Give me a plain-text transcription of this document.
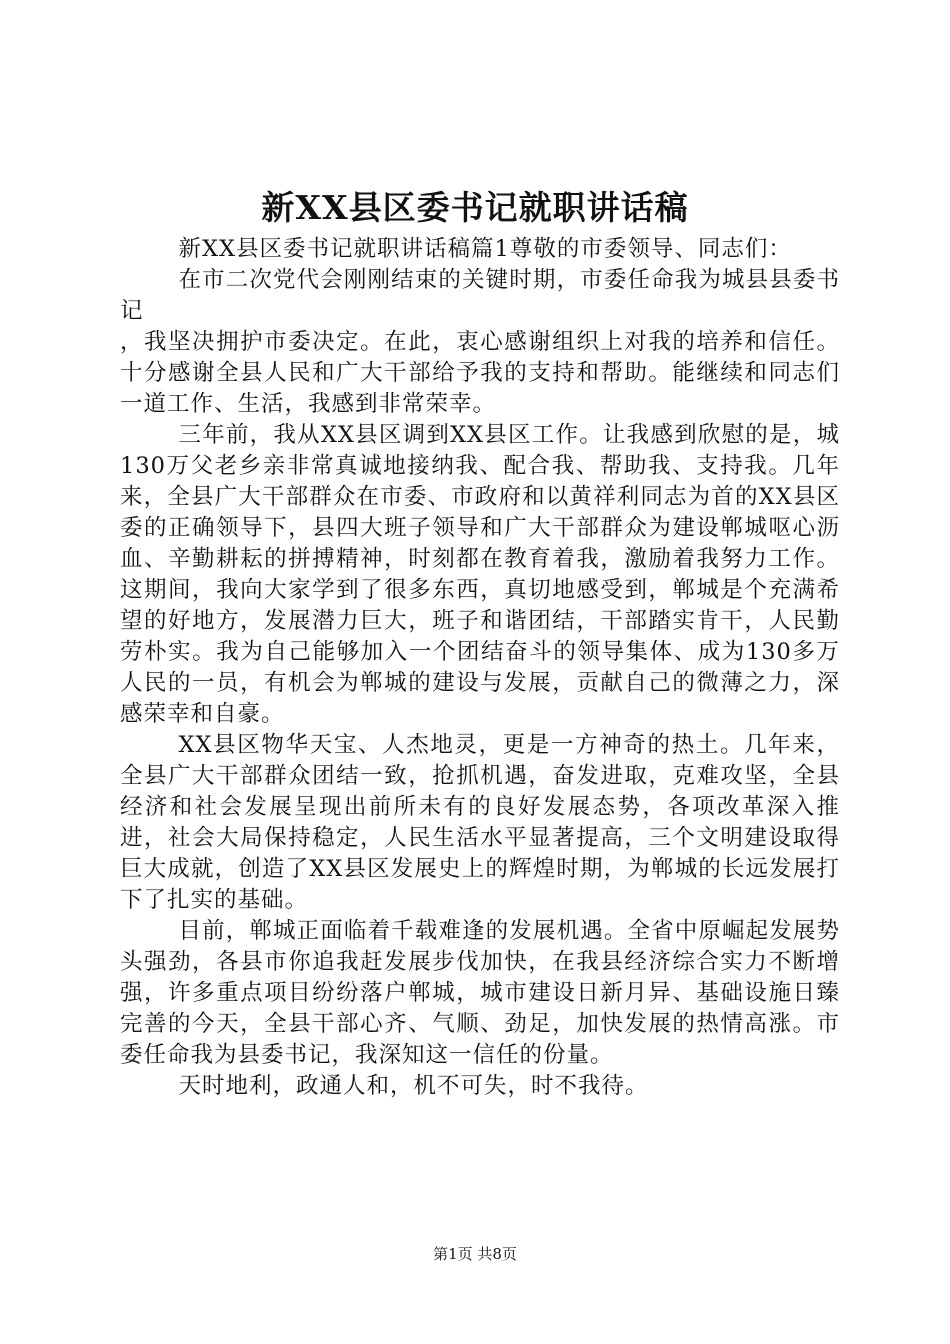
新XX县区委书记就职讲话稿

新XX县区委书记就职讲话稿篇1尊敬的市委领导、同志们：

在市二次党代会刚刚结束的关键时期，市委任命我为城县县委书记

，我坚决拥护市委决定。在此，衷心感谢组织上对我的培养和信任。十分感谢全县人民和广大干部给予我的支持和帮助。能继续和同志们一道工作、生活，我感到非常荣幸。

三年前，我从XX县区调到XX县区工作。让我感到欣慰的是，城130万父老乡亲非常真诚地接纳我、配合我、帮助我、支持我。几年来，全县广大干部群众在市委、市政府和以黄祥利同志为首的XX县区委的正确领导下，县四大班子领导和广大干部群众为建设郸城呕心沥血、辛勤耕耘的拼搏精神，时刻都在教育着我，激励着我努力工作。这期间，我向大家学到了很多东西，真切地感受到，郸城是个充满希望的好地方，发展潜力巨大，班子和谐团结，干部踏实肯干，人民勤劳朴实。我为自己能够加入一个团结奋斗的领导集体、成为130多万人民的一员，有机会为郸城的建设与发展，贡献自己的微薄之力，深感荣幸和自豪。

XX县区物华天宝、人杰地灵，更是一方神奇的热土。几年来，全县广大干部群众团结一致，抢抓机遇，奋发进取，克难攻坚，全县经济和社会发展呈现出前所未有的良好发展态势，各项改革深入推进，社会大局保持稳定，人民生活水平显著提高，三个文明建设取得巨大成就，创造了XX县区发展史上的辉煌时期，为郸城的长远发展打下了扎实的基础。

目前，郸城正面临着千载难逢的发展机遇。全省中原崛起发展势头强劲，各县市你追我赶发展步伐加快，在我县经济综合实力不断增强，许多重点项目纷纷落户郸城，城市建设日新月异、基础设施日臻完善的今天，全县干部心齐、气顺、劲足，加快发展的热情高涨。市委任命我为县委书记，我深知这一信任的份量。

天时地利，政通人和，机不可失，时不我待。

第1页 共8页
